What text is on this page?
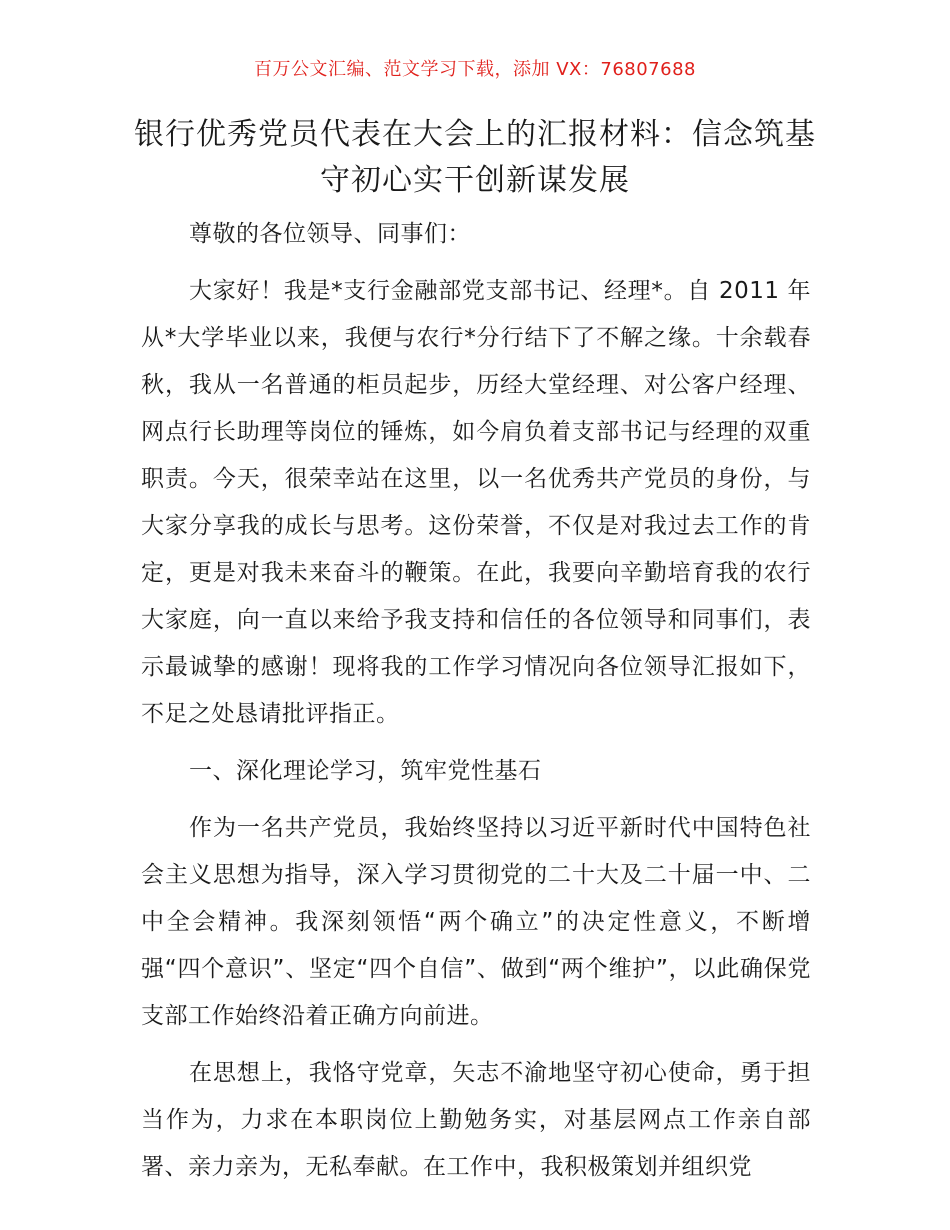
百万公文汇编、范文学习下载，添加 VX：76807688
银行优秀党员代表在大会上的汇报材料：信念筑基守初心实干创新谋发展

尊敬的各位领导、同事们：

大家好！我是*支行金融部党支部书记、经理*。自 2011 年从*大学毕业以来，我便与农行*分行结下了不解之缘。十余载春秋，我从一名普通的柜员起步，历经大堂经理、对公客户经理、网点行长助理等岗位的锤炼，如今肩负着支部书记与经理的双重职责。今天，很荣幸站在这里，以一名优秀共产党员的身份，与大家分享我的成长与思考。这份荣誉，不仅是对我过去工作的肯定，更是对我未来奋斗的鞭策。在此，我要向辛勤培育我的农行大家庭，向一直以来给予我支持和信任的各位领导和同事们，表示最诚挚的感谢！现将我的工作学习情况向各位领导汇报如下，不足之处恳请批评指正。

一、深化理论学习，筑牢党性基石

作为一名共产党员，我始终坚持以习近平新时代中国特色社会主义思想为指导，深入学习贯彻党的二十大及二十届一中、二中全会精神。我深刻领悟“两个确立”的决定性意义，不断增强“四个意识”、坚定“四个自信”、做到“两个维护”，以此确保党支部工作始终沿着正确方向前进。

在思想上，我恪守党章，矢志不渝地坚守初心使命，勇于担当作为，力求在本职岗位上勤勉务实，对基层网点工作亲自部署、亲力亲为，无私奉献。在工作中，我积极策划并组织党
